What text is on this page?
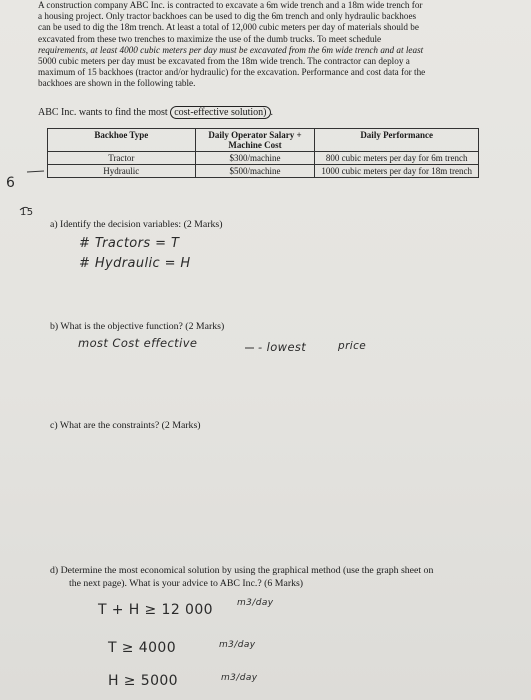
A construction company ABC Inc. is contracted to excavate a 6m wide trench and a 18m wide trench for
a housing project. Only tractor backhoes can be used to dig the 6m trench and only hydraulic backhoes
can be used to dig the 18m trench. At least a total of 12,000 cubic meters per day of materials should be
excavated from these two trenches to maximize the use of the dumb trucks. To meet schedule
requirements, at least 4000 cubic meters per day must be excavated from the 6m wide trench and at least
5000 cubic meters per day must be excavated from the 18m wide trench. The contractor can deploy a
maximum of 15 backhoes (tractor and/or hydraulic) for the excavation. Performance and cost data for the
backhoes are shown in the following table.
ABC Inc. wants to find the most cost-effective solution) .
Backhoe Type	Daily Operator Salary + Machine Cost	Daily Performance
Tractor	$300/machine	800 cubic meters per day for 6m trench
Hydraulic	$500/machine	1000 cubic meters per day for 18m trench
6
15
a) Identify the decision variables: (2 Marks)
# Tractors = T
# Hydraulic = H
b) What is the objective function? (2 Marks)
most Cost effective	- lowest	price
c) What are the constraints? (2 Marks)
d) Determine the most economical solution by using the graphical method (use the graph sheet on
the next page). What is your advice to ABC Inc.? (6 Marks)
T + H ≥ 12 000	m3/day
T ≥ 4000	m3/day
H ≥ 5000	m3/day
